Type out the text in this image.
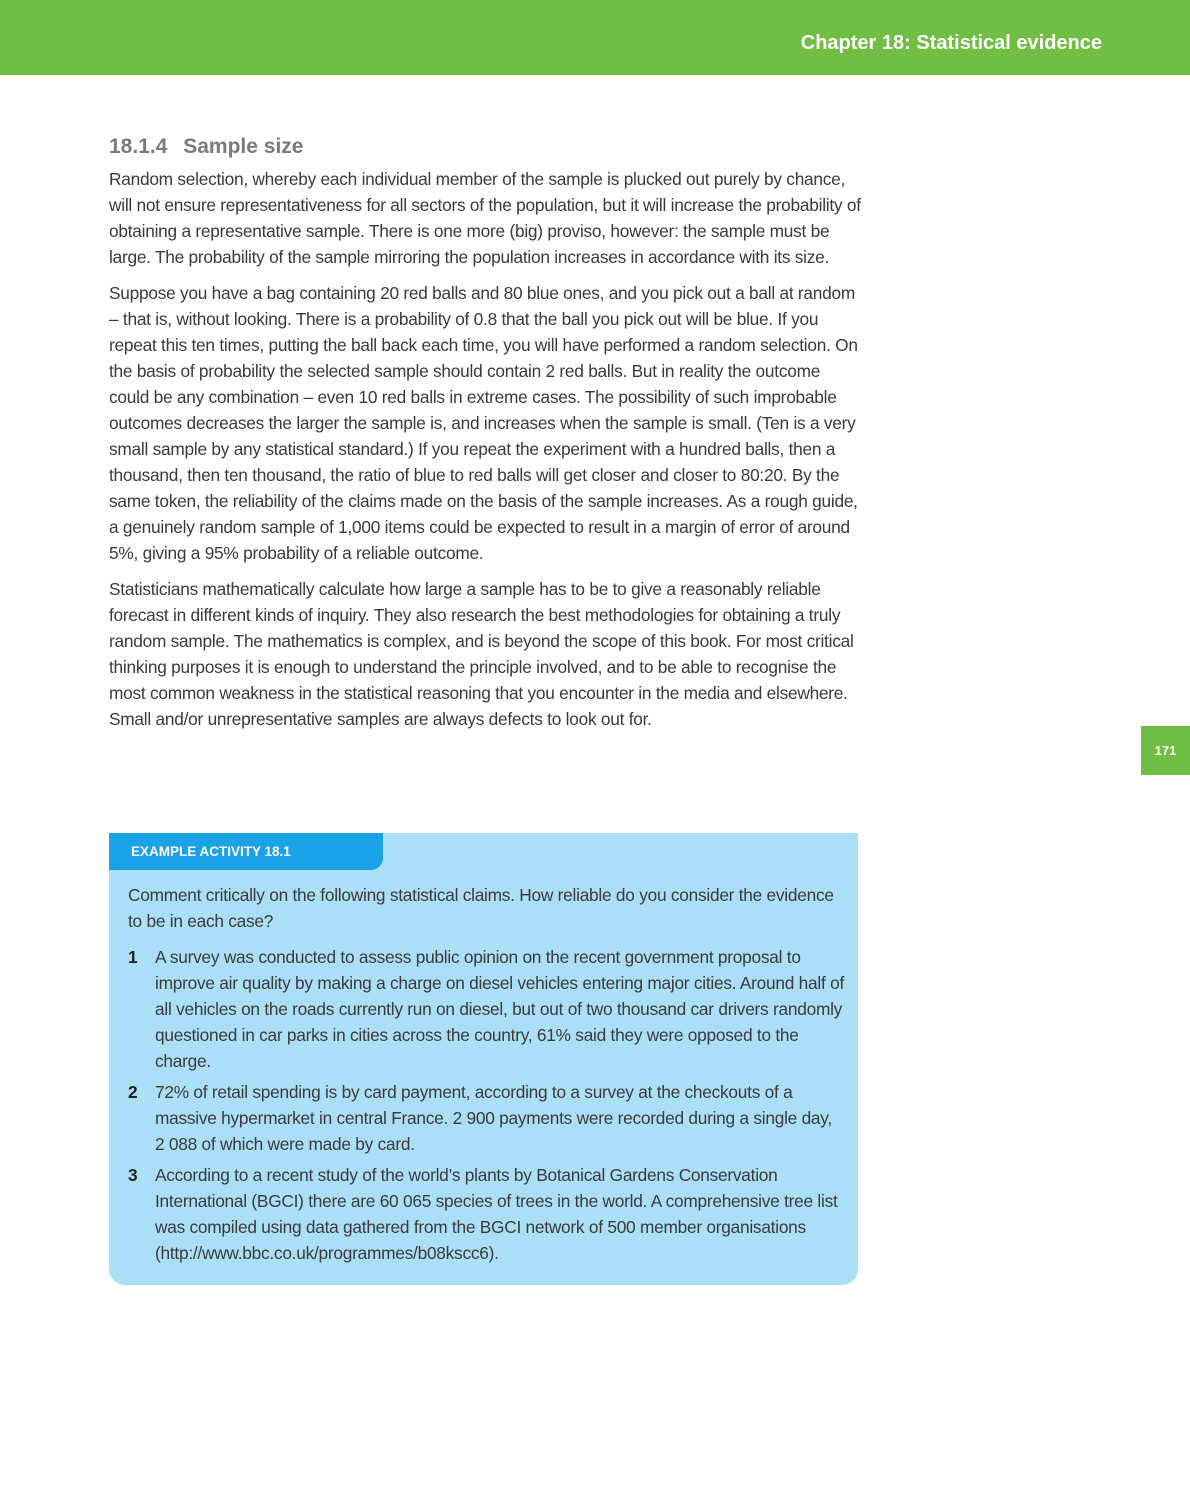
Chapter 18: Statistical evidence
18.1.4 Sample size

Random selection, whereby each individual member of the sample is plucked out purely by chance, will not ensure representativeness for all sectors of the population, but it will increase the probability of obtaining a representative sample. There is one more (big) proviso, however: the sample must be large. The probability of the sample mirroring the population increases in accordance with its size.

Suppose you have a bag containing 20 red balls and 80 blue ones, and you pick out a ball at random – that is, without looking. There is a probability of 0.8 that the ball you pick out will be blue. If you repeat this ten times, putting the ball back each time, you will have performed a random selection. On the basis of probability the selected sample should contain 2 red balls. But in reality the outcome could be any combination – even 10 red balls in extreme cases. The possibility of such improbable outcomes decreases the larger the sample is, and increases when the sample is small. (Ten is a very small sample by any statistical standard.) If you repeat the experiment with a hundred balls, then a thousand, then ten thousand, the ratio of blue to red balls will get closer and closer to 80:20. By the same token, the reliability of the claims made on the basis of the sample increases. As a rough guide, a genuinely random sample of 1,000 items could be expected to result in a margin of error of around 5%, giving a 95% probability of a reliable outcome.

Statisticians mathematically calculate how large a sample has to be to give a reasonably reliable forecast in different kinds of inquiry. They also research the best methodologies for obtaining a truly random sample. The mathematics is complex, and is beyond the scope of this book. For most critical thinking purposes it is enough to understand the principle involved, and to be able to recognise the most common weakness in the statistical reasoning that you encounter in the media and elsewhere. Small and/or unrepresentative samples are always defects to look out for.

171
EXAMPLE ACTIVITY 18.1

Comment critically on the following statistical claims. How reliable do you consider the evidence to be in each case?

1	A survey was conducted to assess public opinion on the recent government proposal to improve air quality by making a charge on diesel vehicles entering major cities. Around half of all vehicles on the roads currently run on diesel, but out of two thousand car drivers randomly questioned in car parks in cities across the country, 61% said they were opposed to the charge.
2	72% of retail spending is by card payment, according to a survey at the checkouts of a massive hypermarket in central France. 2 900 payments were recorded during a single day, 2 088 of which were made by card.
3	According to a recent study of the world’s plants by Botanical Gardens Conservation International (BGCI) there are 60 065 species of trees in the world. A comprehensive tree list was compiled using data gathered from the BGCI network of 500 member organisations (http://www.bbc.co.uk/programmes/b08kscc6).
